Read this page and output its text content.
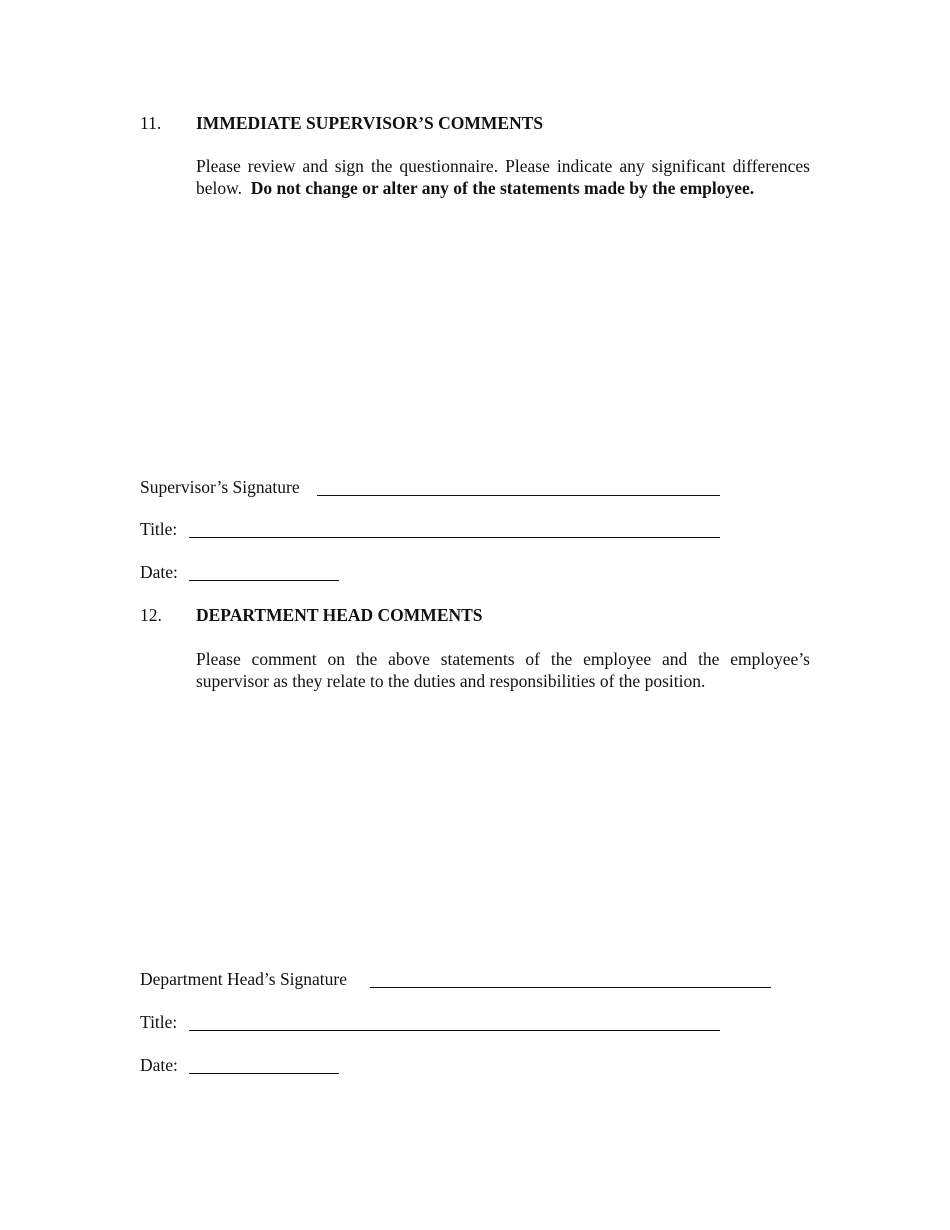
11. IMMEDIATE SUPERVISOR’S COMMENTS
Please review and sign the questionnaire. Please indicate any significant differences below. Do not change or alter any of the statements made by the employee.
Supervisor’s Signature
Title:
Date:
12. DEPARTMENT HEAD COMMENTS
Please comment on the above statements of the employee and the employee’s supervisor as they relate to the duties and responsibilities of the position.
Department Head’s Signature
Title:
Date:
